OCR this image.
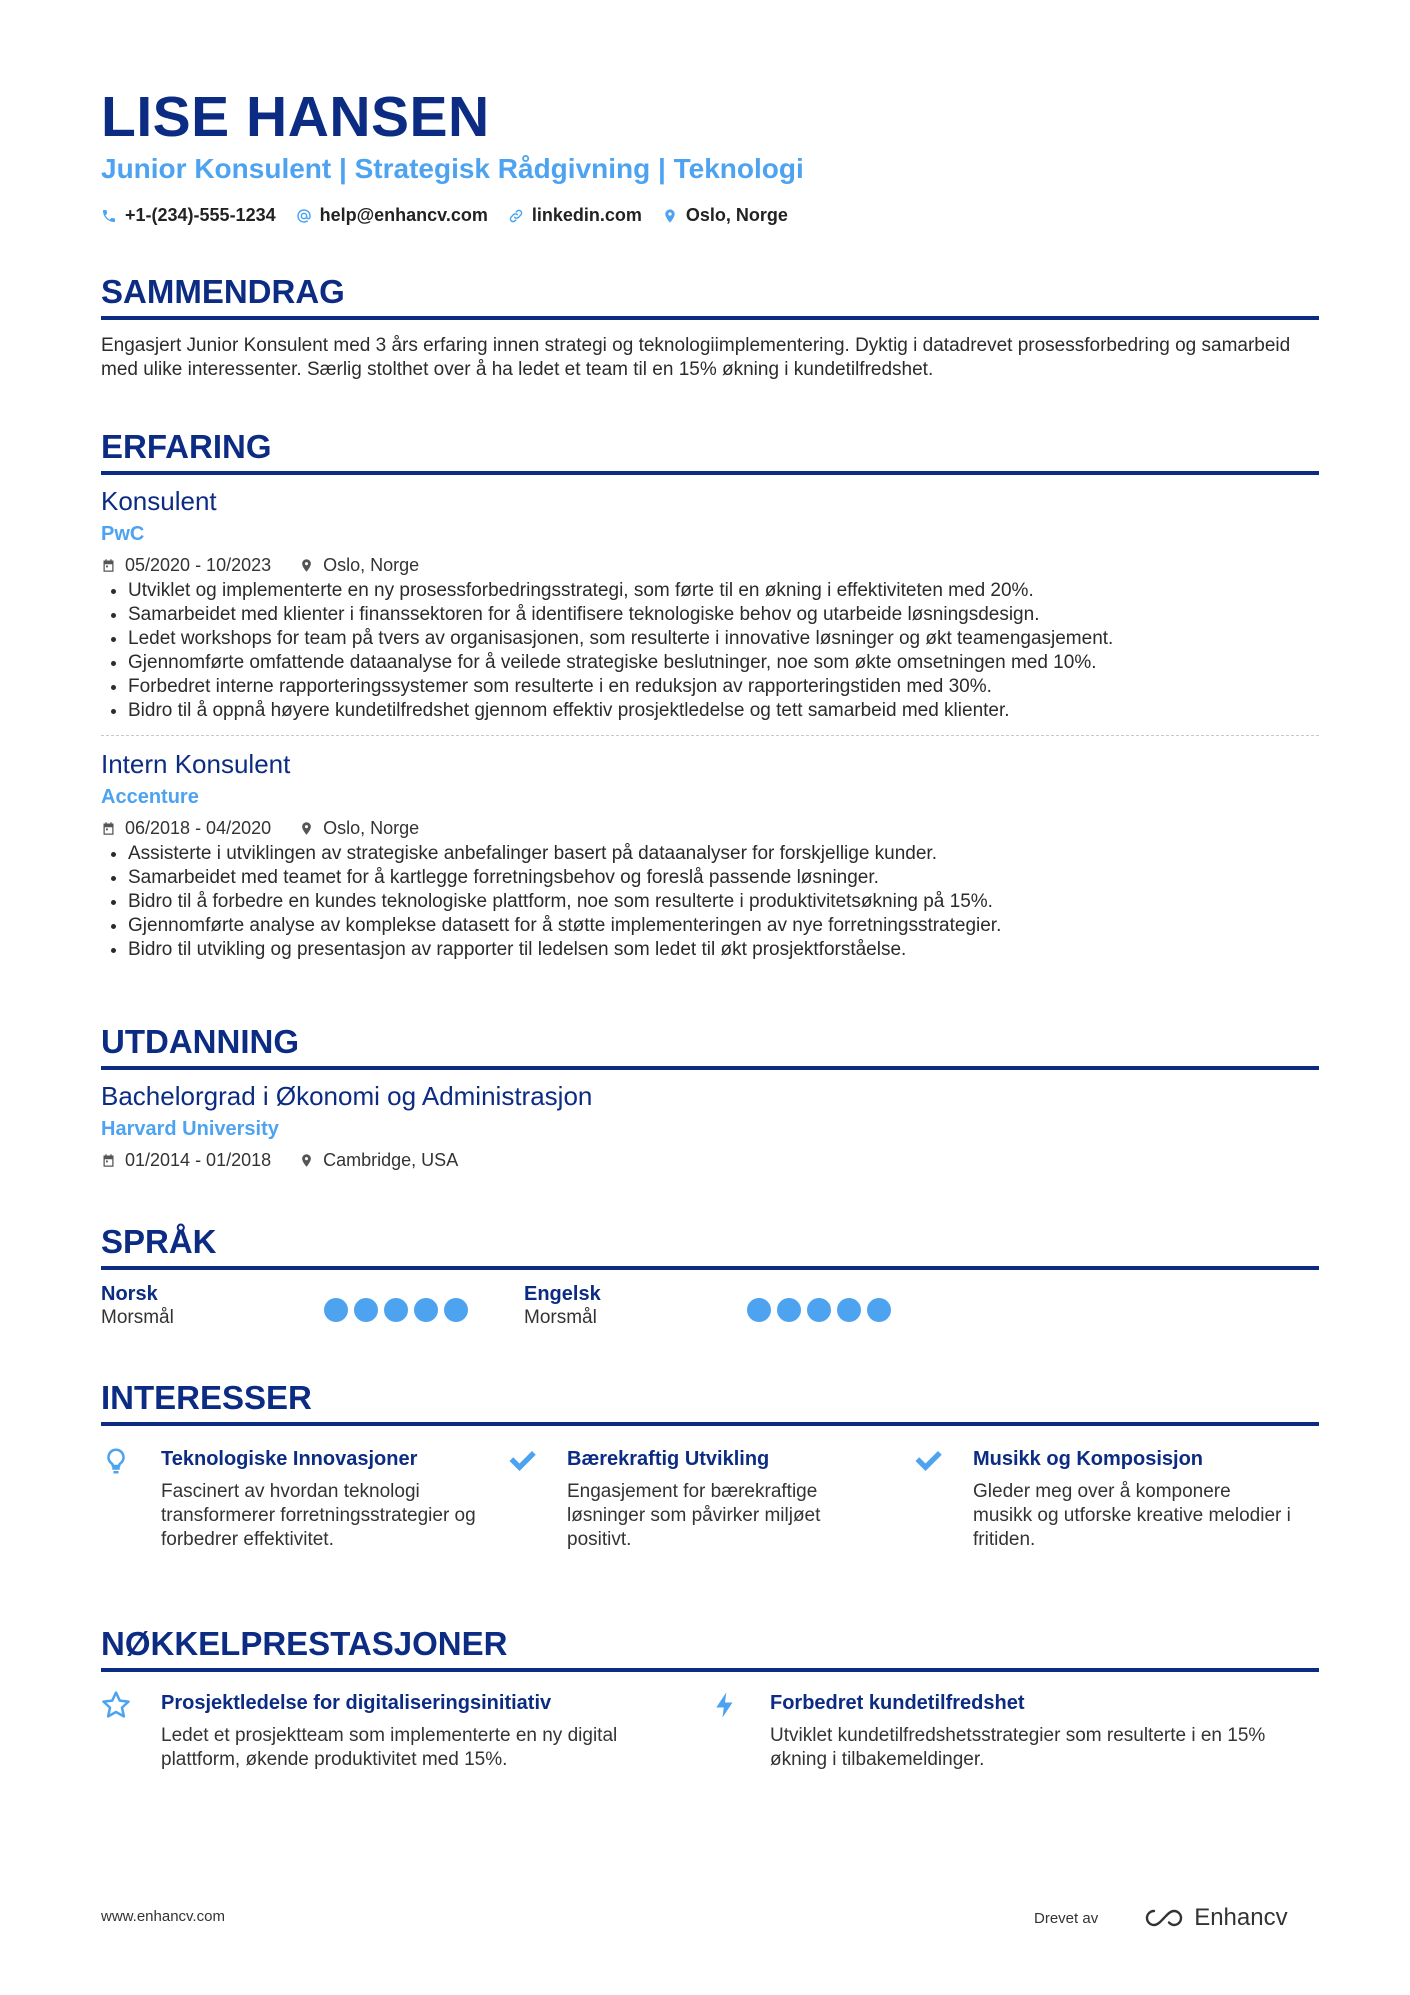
LISE HANSEN
Junior Konsulent | Strategisk Rådgivning | Teknologi
+1-(234)-555-1234 help@enhancv.com linkedin.com Oslo, Norge
SAMMENDRAG
Engasjert Junior Konsulent med 3 års erfaring innen strategi og teknologiimplementering. Dyktig i datadrevet prosessforbedring og samarbeid med ulike interessenter. Særlig stolthet over å ha ledet et team til en 15% økning i kundetilfredshet.
ERFARING
Konsulent
PwC
05/2020 - 10/2023	Oslo, Norge
• Utviklet og implementerte en ny prosessforbedringsstrategi, som førte til en økning i effektiviteten med 20%.
• Samarbeidet med klienter i finanssektoren for å identifisere teknologiske behov og utarbeide løsningsdesign.
• Ledet workshops for team på tvers av organisasjonen, som resulterte i innovative løsninger og økt teamengasjement.
• Gjennomførte omfattende dataanalyse for å veilede strategiske beslutninger, noe som økte omsetningen med 10%.
• Forbedret interne rapporteringssystemer som resulterte i en reduksjon av rapporteringstiden med 30%.
• Bidro til å oppnå høyere kundetilfredshet gjennom effektiv prosjektledelse og tett samarbeid med klienter.
Intern Konsulent
Accenture
06/2018 - 04/2020	Oslo, Norge
• Assisterte i utviklingen av strategiske anbefalinger basert på dataanalyser for forskjellige kunder.
• Samarbeidet med teamet for å kartlegge forretningsbehov og foreslå passende løsninger.
• Bidro til å forbedre en kundes teknologiske plattform, noe som resulterte i produktivitetsøkning på 15%.
• Gjennomførte analyse av komplekse datasett for å støtte implementeringen av nye forretningsstrategier.
• Bidro til utvikling og presentasjon av rapporter til ledelsen som ledet til økt prosjektforståelse.
UTDANNING
Bachelorgrad i Økonomi og Administrasjon
Harvard University
01/2014 - 01/2018	Cambridge, USA
SPRÅK
Norsk
Morsmål
Engelsk
Morsmål
INTERESSER
Teknologiske Innovasjoner
Fascinert av hvordan teknologi transformerer forretningsstrategier og forbedrer effektivitet.
Bærekraftig Utvikling
Engasjement for bærekraftige løsninger som påvirker miljøet positivt.
Musikk og Komposisjon
Gleder meg over å komponere musikk og utforske kreative melodier i fritiden.
NØKKELPRESTASJONER
Prosjektledelse for digitaliseringsinitiativ
Ledet et prosjektteam som implementerte en ny digital plattform, økende produktivitet med 15%.
Forbedret kundetilfredshet
Utviklet kundetilfredshetsstrategier som resulterte i en 15% økning i tilbakemeldinger.
www.enhancv.com	Drevet av	Enhancv
